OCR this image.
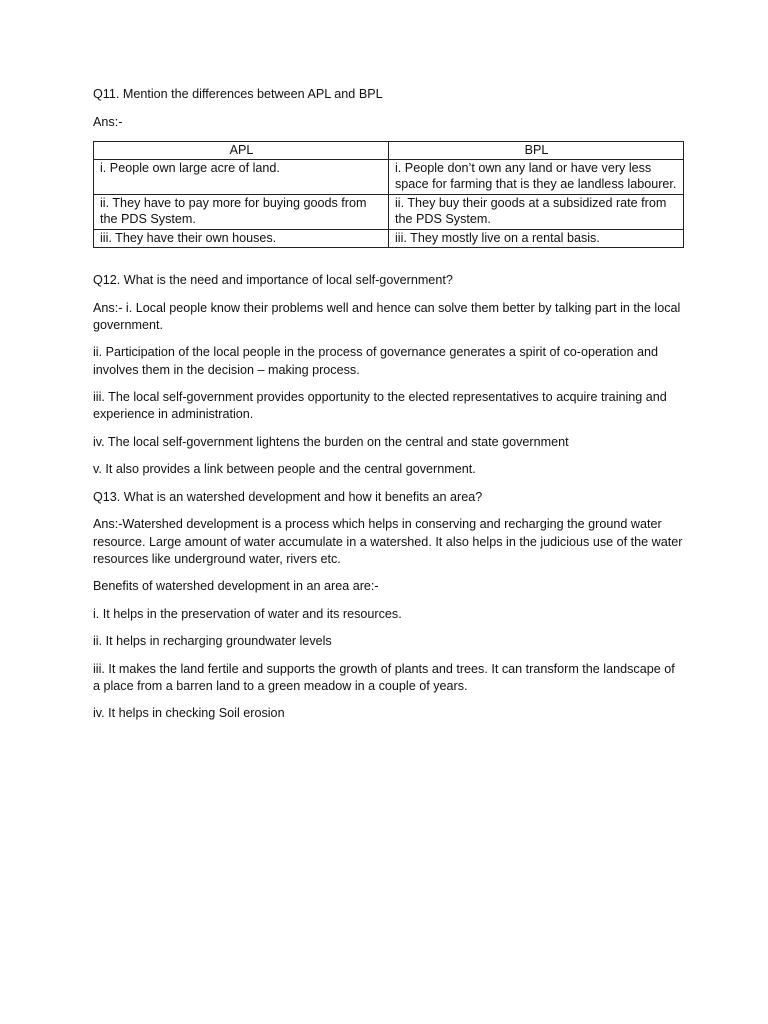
Q11. Mention the differences between APL and BPL

Ans:-

APL	BPL
i. People own large acre of land.	i. People don’t own any land or have very less space for farming that is they ae landless labourer.
ii. They have to pay more for buying goods from the PDS System.	ii. They buy their goods at a subsidized rate from the PDS System.
iii. They have their own houses.	iii. They mostly live on a rental basis.

Q12. What is the need and importance of local self-government?

Ans:- i. Local people know their problems well and hence can solve them better by talking part in the local government.

ii. Participation of the local people in the process of governance generates a spirit of co-operation and involves them in the decision – making process.

iii. The local self-government provides opportunity to the elected representatives to acquire training and experience in administration.

iv. The local self-government lightens the burden on the central and state government

v. It also provides a link between people and the central government.

Q13. What is an watershed development and how it benefits an area?

Ans:-Watershed development is a process which helps in conserving and recharging the ground water resource. Large amount of water accumulate in a watershed. It also helps in the judicious use of the water resources like underground water, rivers etc.

Benefits of watershed development in an area are:-

i. It helps in the preservation of water and its resources.

ii. It helps in recharging groundwater levels

iii. It makes the land fertile and supports the growth of plants and trees. It can transform the landscape of a place from a barren land to a green meadow in a couple of years.

iv. It helps in checking Soil erosion
